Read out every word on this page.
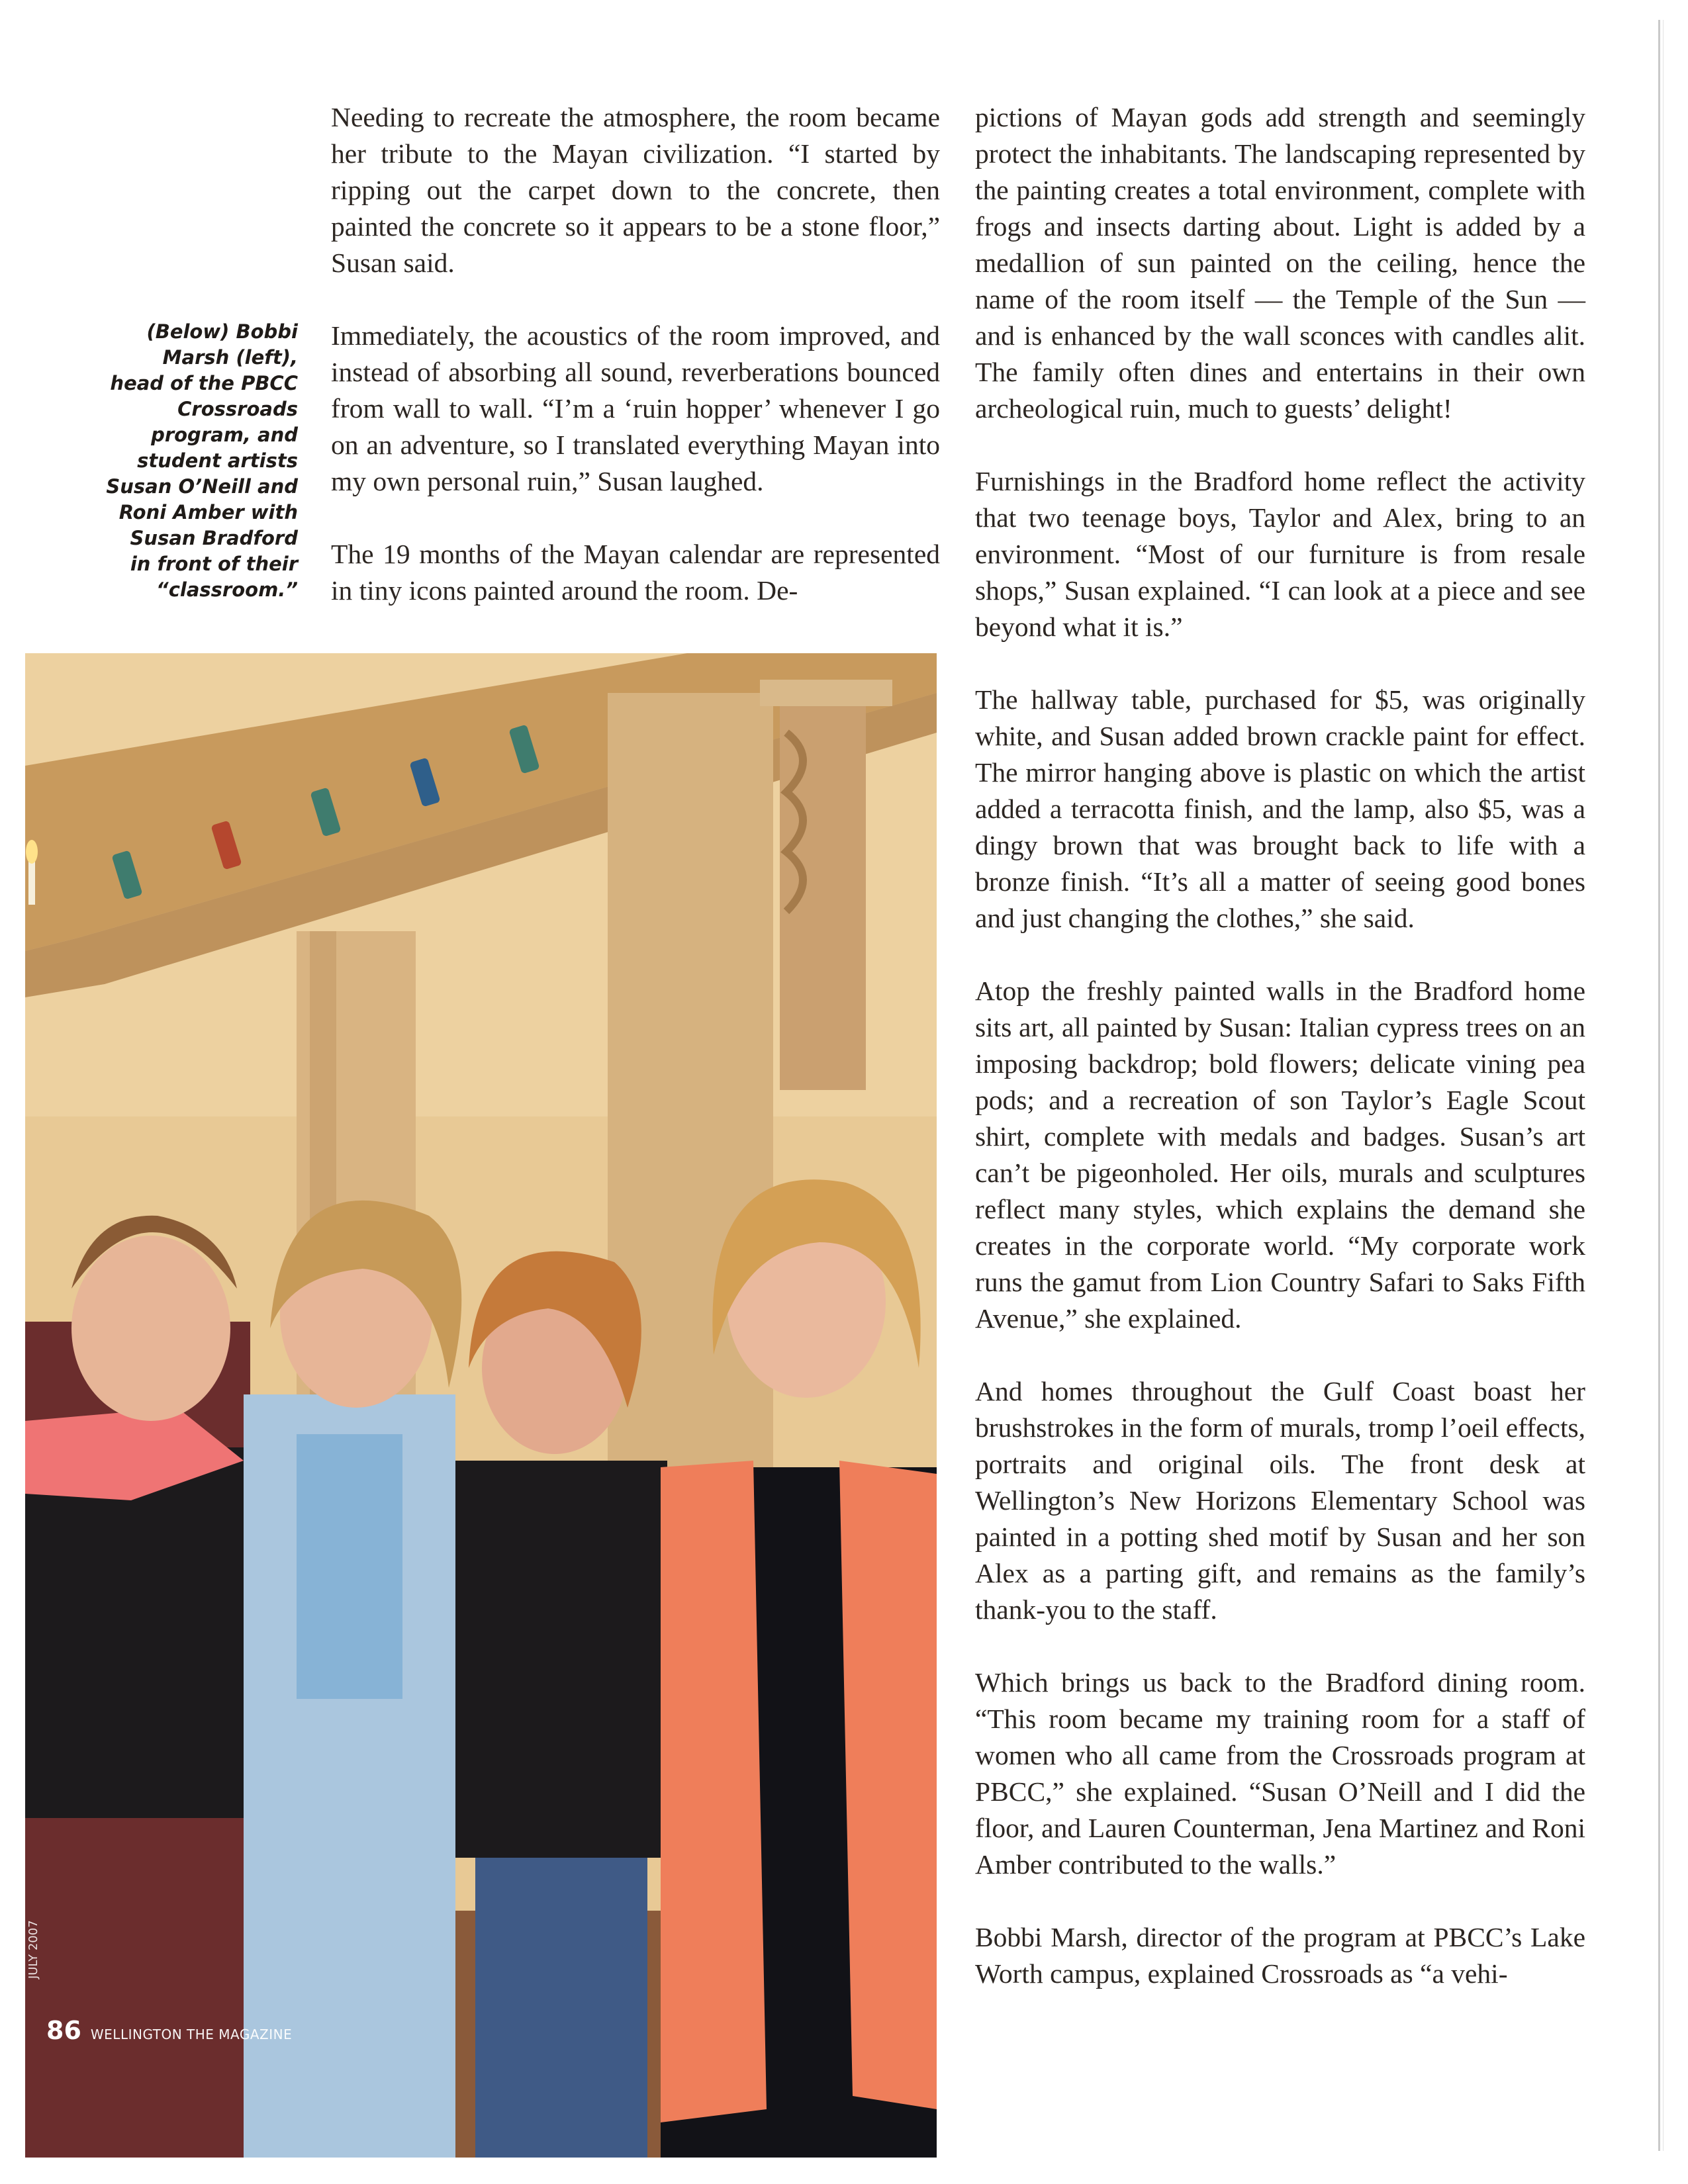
(Below) Bobbi Marsh (left), head of the PBCC Crossroads program, and student artists Susan O’Neill and Roni Amber with Susan Bradford in front of their “classroom.”

Needing to recreate the atmosphere, the room became her tribute to the Mayan civilization. “I started by ripping out the carpet down to the concrete, then painted the concrete so it appears to be a stone floor,” Susan said.

Immediately, the acoustics of the room improved, and instead of absorbing all sound, reverberations bounced from wall to wall. “I’m a ‘ruin hopper’ whenever I go on an adventure, so I translated everything Mayan into my own personal ruin,” Susan laughed.

The 19 months of the Mayan calendar are represented in tiny icons painted around the room. De-

pictions of Mayan gods add strength and seemingly protect the inhabitants. The landscaping represented by the painting creates a total environment, complete with frogs and insects darting about. Light is added by a medallion of sun painted on the ceiling, hence the name of the room itself — the Temple of the Sun — and is enhanced by the wall sconces with candles alit. The family often dines and entertains in their own archeological ruin, much to guests’ delight!

Furnishings in the Bradford home reflect the activity that two teenage boys, Taylor and Alex, bring to an environment. “Most of our furniture is from resale shops,” Susan explained. “I can look at a piece and see beyond what it is.”

The hallway table, purchased for $5, was originally white, and Susan added brown crackle paint for effect. The mirror hanging above is plastic on which the artist added a terracotta finish, and the lamp, also $5, was a dingy brown that was brought back to life with a bronze finish. “It’s all a matter of seeing good bones and just changing the clothes,” she said.

Atop the freshly painted walls in the Bradford home sits art, all painted by Susan: Italian cypress trees on an imposing backdrop; bold flowers; delicate vining pea pods; and a recreation of son Taylor’s Eagle Scout shirt, complete with medals and badges. Susan’s art can’t be pigeonholed. Her oils, murals and sculptures reflect many styles, which explains the demand she creates in the corporate world. “My corporate work runs the gamut from Lion Country Safari to Saks Fifth Avenue,” she explained.

And homes throughout the Gulf Coast boast her brushstrokes in the form of murals, tromp l’oeil effects, portraits and original oils. The front desk at Wellington’s New Horizons Elementary School was painted in a potting shed motif by Susan and her son Alex as a parting gift, and remains as the family’s thank-you to the staff.

Which brings us back to the Bradford dining room. “This room became my training room for a staff of women who all came from the Crossroads program at PBCC,” she explained. “Susan O’Neill and I did the floor, and Lauren Counterman, Jena Martinez and Roni Amber contributed to the walls.”

Bobbi Marsh, director of the program at PBCC’s Lake Worth campus, explained Crossroads as “a vehi-

JULY 2007
86 WELLINGTON THE MAGAZINE
